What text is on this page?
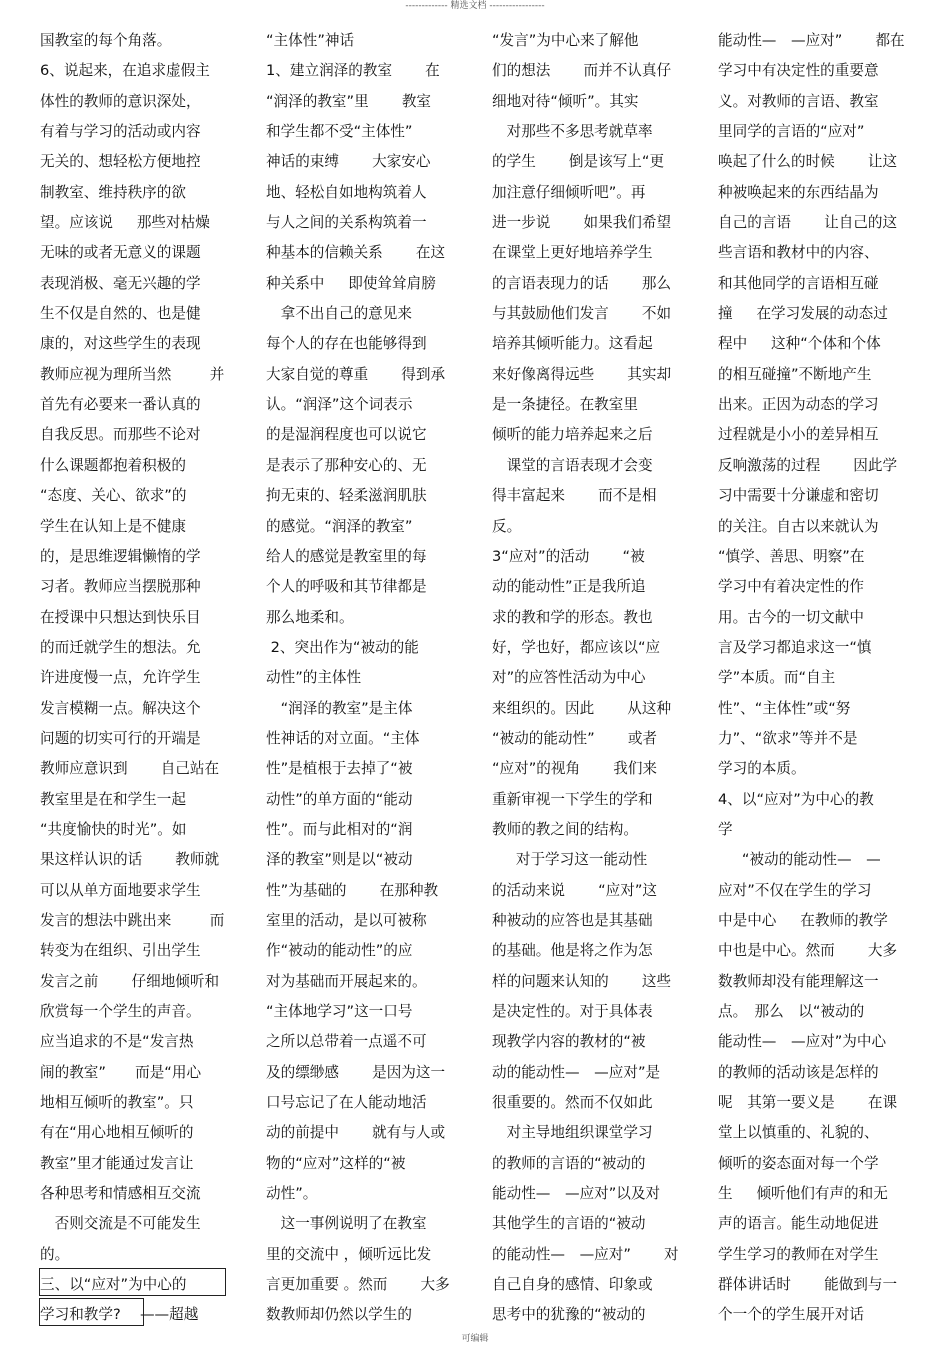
------------- 精选文档 -----------------
国教室的每个角落。
6、说起来，在追求虚假主
体性的教师的意识深处，
有着与学习的活动或内容
无关的、想轻松方便地控
制教室、维持秩序的欲
望。应该说　  那些对枯燥
无味的或者无意义的课题
表现消极、毫无兴趣的学
生不仅是自然的、也是健
康的，对这些学生的表现
教师应视为理所当然　　  并
首先有必要来一番认真的
自我反思。而那些不论对
什么课题都抱着积极的
“态度、关心、欲求”的
学生在认知上是不健康
的，是思维逻辑懒惰的学
习者。教师应当摆脱那种
在授课中只想达到快乐目
的而迁就学生的想法。允
许进度慢一点，允许学生
发言模糊一点。解决这个
问题的切实可行的开端是
教师应意识到　    自己站在
教室里是在和学生一起
“共度愉快的时光”。如
果这样认识的话　    教师就
可以从单方面地要求学生
发言的想法中跳出来　　  而
转变为在组织、引出学生
发言之前　    仔细地倾听和
欣赏每一个学生的声音。
应当追求的不是“发言热
闹的教室”　　而是“用心
地相互倾听的教室”。只
有在“用心地相互倾听的
教室”里才能通过发言让
各种思考和情感相互交流
　否则交流是不可能发生
的。
三、以“应对”为中心的
学习和教学?　 ——超越
“主体性”神话
1、建立润泽的教室　    在
“润泽的教室”里　    教室
和学生都不受“主体性”
神话的束缚　    大家安心
地、轻松自如地构筑着人
与人之间的关系构筑着一
种基本的信赖关系　    在这
种关系中　  即使耸耸肩膀
　拿不出自己的意见来
每个人的存在也能够得到
大家自觉的尊重　    得到承
认。“润泽”这个词表示
的是湿润程度也可以说它
是表示了那种安心的、无
拘无束的、轻柔滋润肌肤
的感觉。“润泽的教室”
给人的感觉是教室里的每
个人的呼吸和其节律都是
那么地柔和。
2、突出作为“被动的能
动性”的主体性
　“润泽的教室”是主体
性神话的对立面。“主体
性”是植根于去掉了“被
动性”的单方面的“能动
性”。而与此相对的“润
泽的教室”则是以“被动
性”为基础的　    在那种教
室里的活动，是以可被称
作“被动的能动性”的应
对为基础而开展起来的。
“主体地学习”这一口号
之所以总带着一点遥不可
及的缥缈感　    是因为这一
口号忘记了在人能动地活
动的前提中　    就有与人或
物的“应对”这样的“被
动性”。
　这一事例说明了在教室
里的交流中 ，倾听远比发
言更加重要 。然而　    大多
数教师却仍然以学生的
“发言”为中心来了解他
们的想法　    而并不认真仔
细地对待“倾听”。其实
　对那些不多思考就草率
的学生　    倒是该写上“更
加注意仔细倾听吧”。再
进一步说　    如果我们希望
在课堂上更好地培养学生
的言语表现力的话　    那么
与其鼓励他们发言　    不如
培养其倾听能力。这看起
来好像离得远些　    其实却
是一条捷径。在教室里
倾听的能力培养起来之后
　课堂的言语表现才会变
得丰富起来　    而不是相
反。
3“应对”的活动　    “被
动的能动性”正是我所追
求的教和学的形态。教也
好，学也好，都应该以“应
对”的应答性活动为中心
来组织的。因此　    从这种
“被动的能动性”　    或者
“应对”的视角　    我们来
重新审视一下学生的学和
教师的教之间的结构。
　  对于学习这一能动性
的活动来说　    “应对”这
种被动的应答也是其基础
的基础。他是将之作为怎
样的问题来认知的　    这些
是决定性的。对于具体表
现教学内容的教材的“被
动的能动性—　—应对”是
很重要的。然而不仅如此
　对主导地组织课堂学习
的教师的言语的“被动的
能动性—　—应对”以及对
其他学生的言语的“被动
的能动性—　—应对”　    对
自己自身的感情、印象或
思考中的犹豫的“被动的
能动性—　—应对”　    都在
学习中有决定性的重要意
义。对教师的言语、教室
里同学的言语的“应对”
唤起了什么的时候　    让这
种被唤起来的东西结晶为
自己的言语　    让自己的这
些言语和教材中的内容、
和其他同学的言语相互碰
撞　  在学习发展的动态过
程中　  这种“个体和个体
的相互碰撞”不断地产生
出来。正因为动态的学习
过程就是小小的差异相互
反响激荡的过程　    因此学
习中需要十分谦虚和密切
的关注。自古以来就认为
“慎学、善思、明察”在
学习中有着决定性的作
用。古今的一切文献中
言及学习都追求这一“慎
学”本质。而“自主
性”、“主体性”或“努
力”、“欲求”等并不是
学习的本质。
4、以“应对”为中心的教
学
　  “被动的能动性—　—
应对”不仅在学生的学习
中是中心　  在教师的教学
中也是中心。然而　    大多
数教师却没有能理解这一
点。　那么　以“被动的
能动性—　—应对”为中心
的教师的活动该是怎样的
呢　其第一要义是　    在课
堂上以慎重的、礼貌的、
倾听的姿态面对每一个学
生　  倾听他们有声的和无
声的语言。能生动地促进
学生学习的教师在对学生
群体讲话时　    能做到与一
个一个的学生展开对话
可编辑
